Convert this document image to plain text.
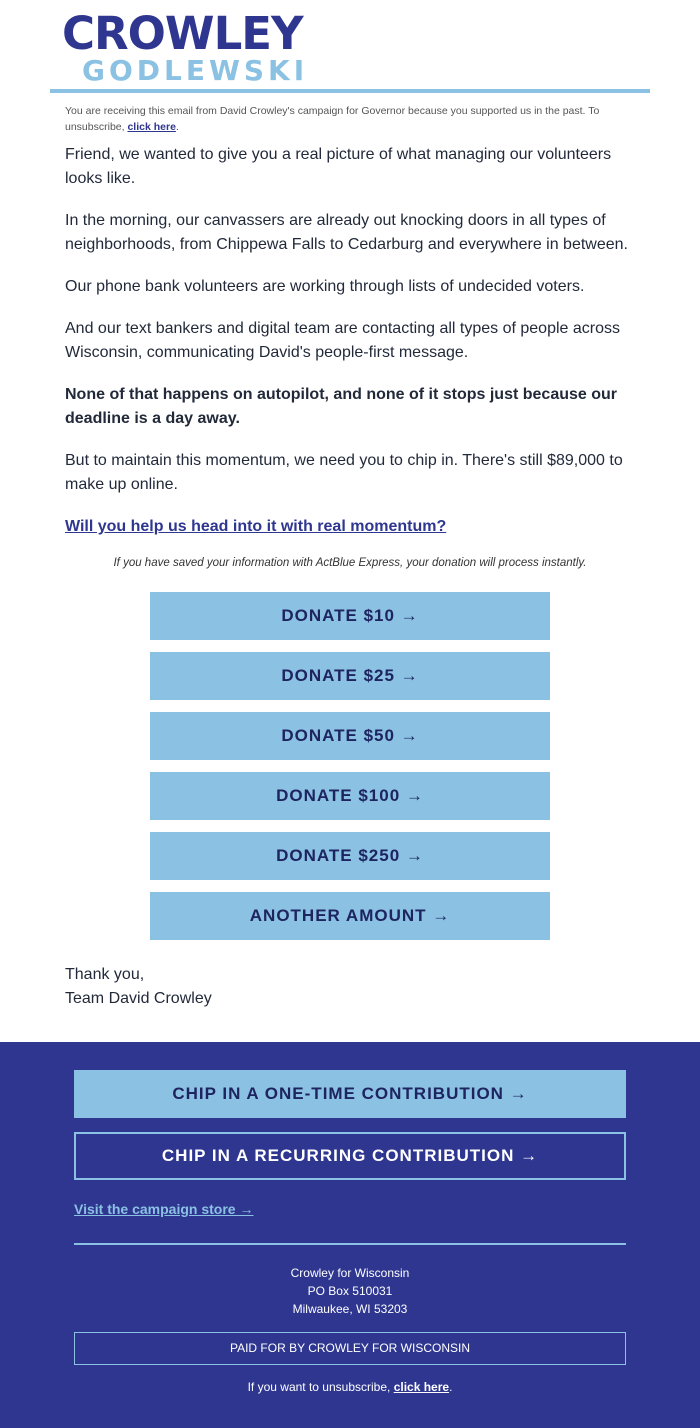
CROWLEY
GODLEWSKI
You are receiving this email from David Crowley's campaign for Governor because you supported us in the past. To unsubscribe, click here.

Friend, we wanted to give you a real picture of what managing our volunteers looks like.

In the morning, our canvassers are already out knocking doors in all types of neighborhoods, from Chippewa Falls to Cedarburg and everywhere in between.

Our phone bank volunteers are working through lists of undecided voters.

And our text bankers and digital team are contacting all types of people across Wisconsin, communicating David's people-first message.

None of that happens on autopilot, and none of it stops just because our deadline is a day away.

But to maintain this momentum, we need you to chip in. There's still $89,000 to make up online.

Will you help us head into it with real momentum?

If you have saved your information with ActBlue Express, your donation will process instantly.
DONATE $10 →
DONATE $25 →
DONATE $50 →
DONATE $100 →
DONATE $250 →
ANOTHER AMOUNT →
Thank you,
Team David Crowley
CHIP IN A ONE-TIME CONTRIBUTION →
CHIP IN A RECURRING CONTRIBUTION →
Visit the campaign store →
Crowley for Wisconsin
PO Box 510031
Milwaukee, WI 53203
PAID FOR BY CROWLEY FOR WISCONSIN
If you want to unsubscribe, click here.
